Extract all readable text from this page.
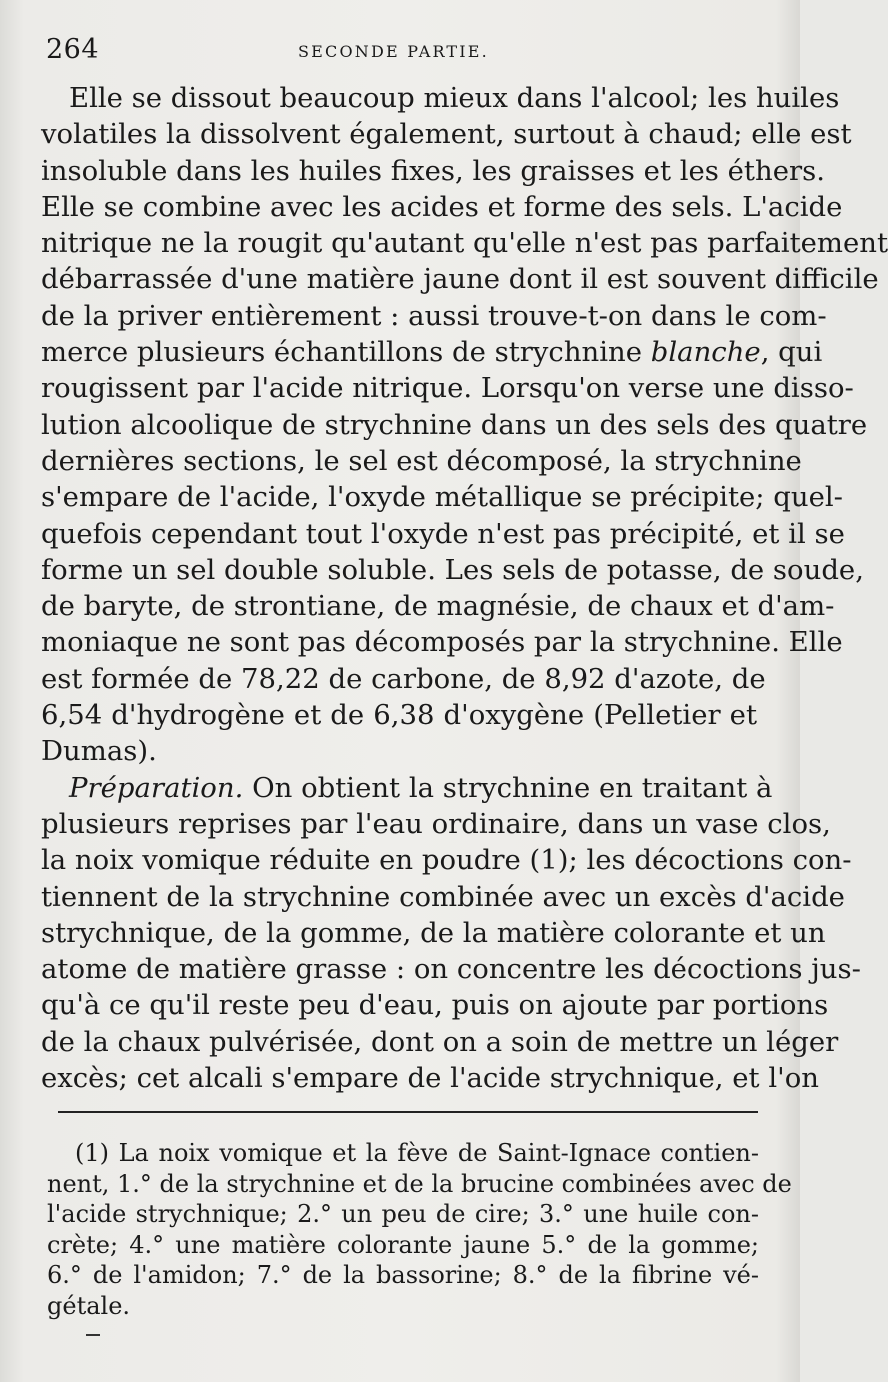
264	SECONDE PARTIE.
Elle se dissout beaucoup mieux dans l'alcool; les huiles
volatiles la dissolvent également, surtout à chaud; elle est
insoluble dans les huiles fixes, les graisses et les éthers.
Elle se combine avec les acides et forme des sels. L'acide
nitrique ne la rougit qu'autant qu'elle n'est pas parfaitement
débarrassée d'une matière jaune dont il est souvent difficile
de la priver entièrement : aussi trouve-t-on dans le com-
merce plusieurs échantillons de strychnine blanche, qui
rougissent par l'acide nitrique. Lorsqu'on verse une disso-
lution alcoolique de strychnine dans un des sels des quatre
dernières sections, le sel est décomposé, la strychnine
s'empare de l'acide, l'oxyde métallique se précipite; quel-
quefois cependant tout l'oxyde n'est pas précipité, et il se
forme un sel double soluble. Les sels de potasse, de soude,
de baryte, de strontiane, de magnésie, de chaux et d'am-
moniaque ne sont pas décomposés par la strychnine. Elle
est formée de 78,22 de carbone, de 8,92 d'azote, de
6,54 d'hydrogène et de 6,38 d'oxygène (Pelletier et
Dumas).
Préparation. On obtient la strychnine en traitant à
plusieurs reprises par l'eau ordinaire, dans un vase clos,
la noix vomique réduite en poudre (1); les décoctions con-
tiennent de la strychnine combinée avec un excès d'acide
strychnique, de la gomme, de la matière colorante et un
atome de matière grasse : on concentre les décoctions jus-
qu'à ce qu'il reste peu d'eau, puis on ajoute par portions
de la chaux pulvérisée, dont on a soin de mettre un léger
excès; cet alcali s'empare de l'acide strychnique, et l'on
(1) La noix vomique et la fève de Saint-Ignace contien-
nent, 1.° de la strychnine et de la brucine combinées avec de
l'acide strychnique; 2.° un peu de cire; 3.° une huile con-
crète; 4.° une matière colorante jaune 5.° de la gomme;
6.° de l'amidon; 7.° de la bassorine; 8.° de la fibrine vé-
gétale.
